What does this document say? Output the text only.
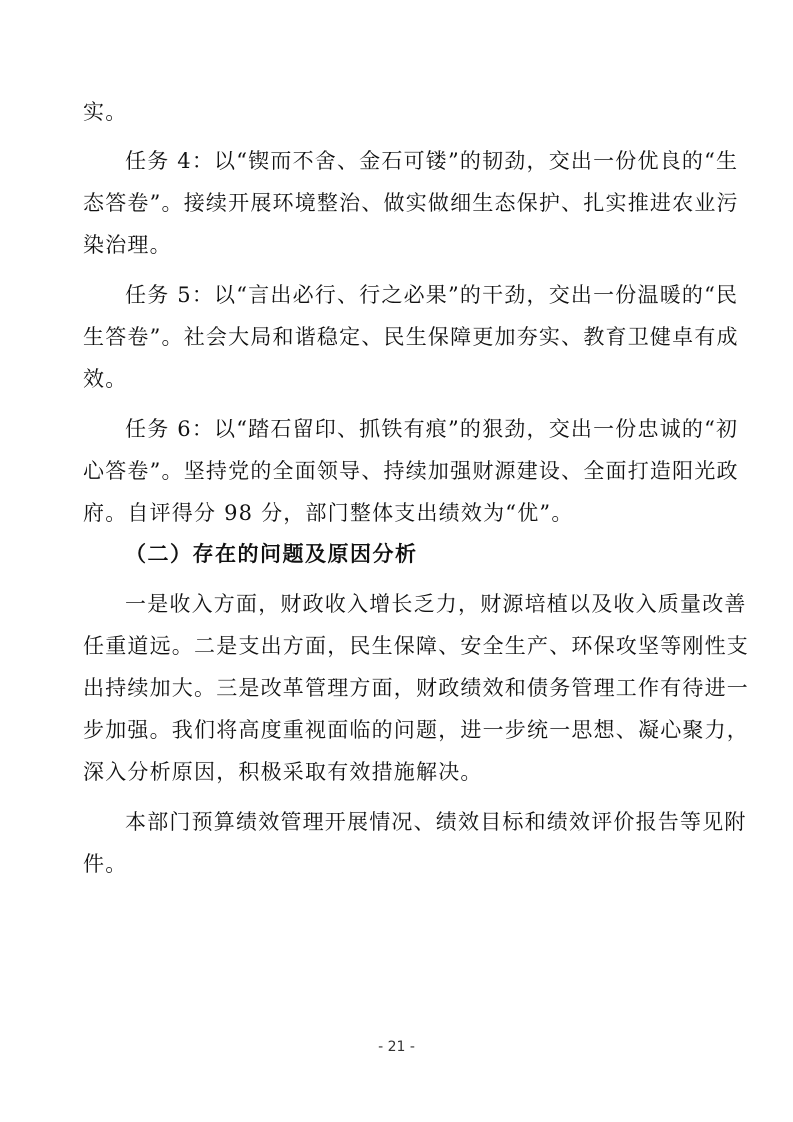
实。
任务 4：以“锲而不舍、金石可镂”的韧劲，交出一份优良的“生
态答卷”。接续开展环境整治、做实做细生态保护、扎实推进农业污
染治理。
任务 5：以“言出必行、行之必果”的干劲，交出一份温暖的“民
生答卷”。社会大局和谐稳定、民生保障更加夯实、教育卫健卓有成
效。
任务 6：以“踏石留印、抓铁有痕”的狠劲，交出一份忠诚的“初
心答卷”。坚持党的全面领导、持续加强财源建设、全面打造阳光政
府。自评得分 98 分，部门整体支出绩效为“优”。
（二）存在的问题及原因分析
一是收入方面，财政收入增长乏力，财源培植以及收入质量改善
任重道远。二是支出方面，民生保障、安全生产、环保攻坚等刚性支
出持续加大。三是改革管理方面，财政绩效和债务管理工作有待进一
步加强。我们将高度重视面临的问题，进一步统一思想、凝心聚力，
深入分析原因，积极采取有效措施解决。
本部门预算绩效管理开展情况、绩效目标和绩效评价报告等见附
件。
- 21 -
